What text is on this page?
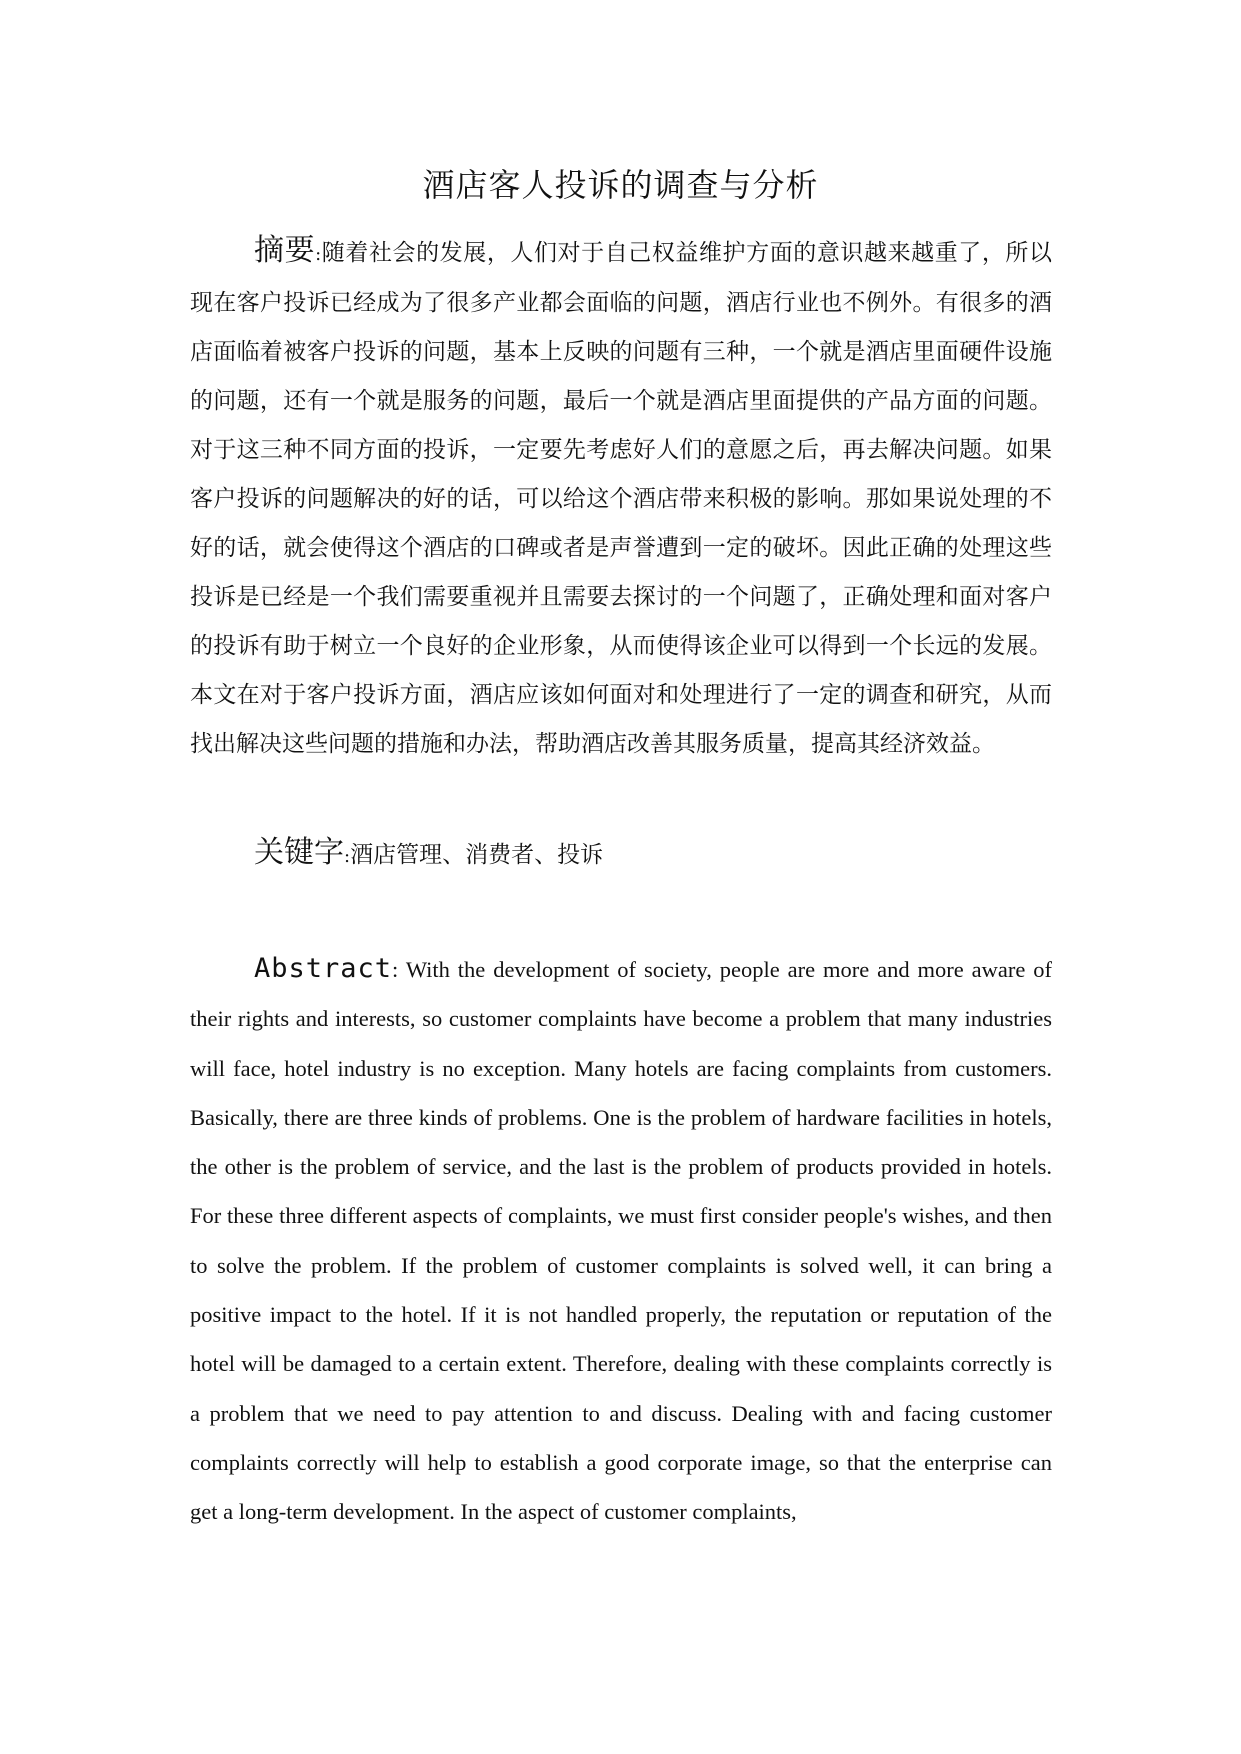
酒店客人投诉的调查与分析

摘要:随着社会的发展，人们对于自己权益维护方面的意识越来越重了，所以现在客户投诉已经成为了很多产业都会面临的问题，酒店行业也不例外。有很多的酒店面临着被客户投诉的问题，基本上反映的问题有三种，一个就是酒店里面硬件设施的问题，还有一个就是服务的问题，最后一个就是酒店里面提供的产品方面的问题。对于这三种不同方面的投诉，一定要先考虑好人们的意愿之后，再去解决问题。如果客户投诉的问题解决的好的话，可以给这个酒店带来积极的影响。那如果说处理的不好的话，就会使得这个酒店的口碑或者是声誉遭到一定的破坏。因此正确的处理这些投诉是已经是一个我们需要重视并且需要去探讨的一个问题了，正确处理和面对客户的投诉有助于树立一个良好的企业形象，从而使得该企业可以得到一个长远的发展。本文在对于客户投诉方面，酒店应该如何面对和处理进行了一定的调查和研究，从而找出解决这些问题的措施和办法，帮助酒店改善其服务质量，提高其经济效益。

关键字:酒店管理、消费者、投诉

Abstract: With the development of society, people are more and more aware of their rights and interests, so customer complaints have become a problem that many industries will face, hotel industry is no exception. Many hotels are facing complaints from customers. Basically, there are three kinds of problems. One is the problem of hardware facilities in hotels, the other is the problem of service, and the last is the problem of products provided in hotels. For these three different aspects of complaints, we must first consider people's wishes, and then to solve the problem. If the problem of customer complaints is solved well, it can bring a positive impact to the hotel. If it is not handled properly, the reputation or reputation of the hotel will be damaged to a certain extent. Therefore, dealing with these complaints correctly is a problem that we need to pay attention to and discuss. Dealing with and facing customer complaints correctly will help to establish a good corporate image, so that the enterprise can get a long-term development. In the aspect of customer complaints,
